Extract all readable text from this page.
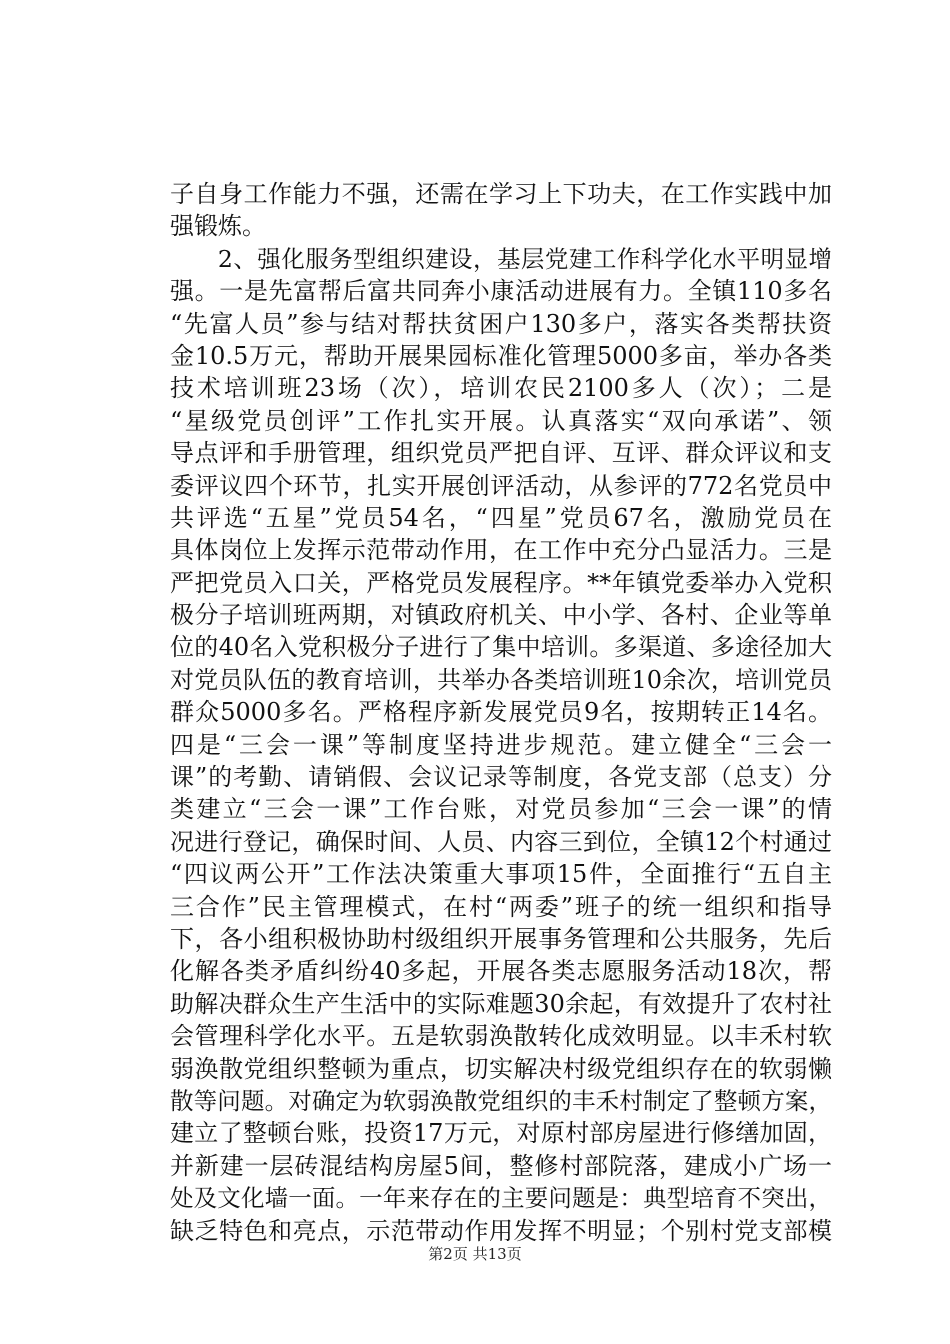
子自身工作能力不强，还需在学习上下功夫，在工作实践中加
强锻炼。
　　2、强化服务型组织建设，基层党建工作科学化水平明显增
强。一是先富帮后富共同奔小康活动进展有力。全镇110多名
“先富人员”参与结对帮扶贫困户130多户，落实各类帮扶资
金10.5万元，帮助开展果园标准化管理5000多亩，举办各类
技术培训班23场（次），培训农民2100多人（次）；二是
“星级党员创评”工作扎实开展。认真落实“双向承诺”、领
导点评和手册管理，组织党员严把自评、互评、群众评议和支
委评议四个环节，扎实开展创评活动，从参评的772名党员中
共评选“五星”党员54名，“四星”党员67名，激励党员在
具体岗位上发挥示范带动作用，在工作中充分凸显活力。三是
严把党员入口关，严格党员发展程序。**年镇党委举办入党积
极分子培训班两期，对镇政府机关、中小学、各村、企业等单
位的40名入党积极分子进行了集中培训。多渠道、多途径加大
对党员队伍的教育培训，共举办各类培训班10余次，培训党员
群众5000多名。严格程序新发展党员9名，按期转正14名。
四是“三会一课”等制度坚持进步规范。建立健全“三会一
课”的考勤、请销假、会议记录等制度，各党支部（总支）分
类建立“三会一课”工作台账，对党员参加“三会一课”的情
况进行登记，确保时间、人员、内容三到位，全镇12个村通过
“四议两公开”工作法决策重大事项15件，全面推行“五自主
三合作”民主管理模式，在村“两委”班子的统一组织和指导
下，各小组积极协助村级组织开展事务管理和公共服务，先后
化解各类矛盾纠纷40多起，开展各类志愿服务活动18次，帮
助解决群众生产生活中的实际难题30余起，有效提升了农村社
会管理科学化水平。五是软弱涣散转化成效明显。以丰禾村软
弱涣散党组织整顿为重点，切实解决村级党组织存在的软弱懒
散等问题。对确定为软弱涣散党组织的丰禾村制定了整顿方案，
建立了整顿台账，投资17万元，对原村部房屋进行修缮加固，
并新建一层砖混结构房屋5间，整修村部院落，建成小广场一
处及文化墙一面。一年来存在的主要问题是：典型培育不突出，
缺乏特色和亮点，示范带动作用发挥不明显；个别村党支部模
第2页 共13页
